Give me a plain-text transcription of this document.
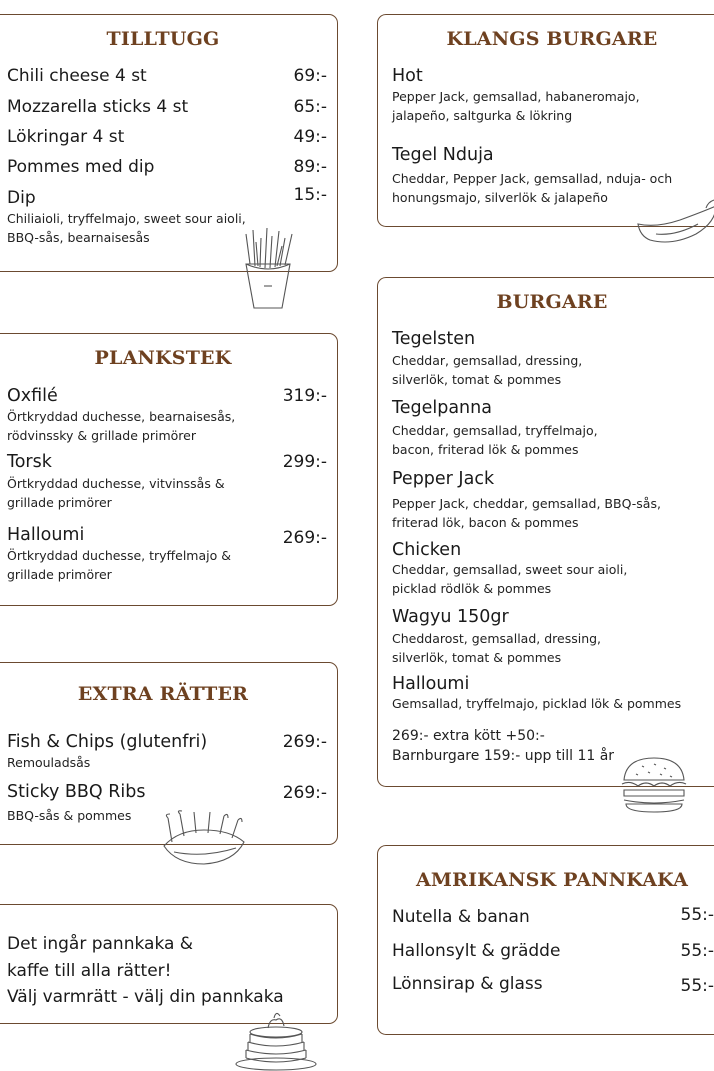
TILLTUGG
Chili cheese 4 st	69:-
Mozzarella sticks 4 st	65:-
Lökringar 4 st	49:-
Pommes med dip	89:-
Dip	15:-
Chiliaioli, tryffelmajo, sweet sour aioli, BBQ-sås, bearnaisesås
PLANKSTEK
Oxfilé	319:-
Örtkryddad duchesse, bearnaisesås, rödvinssky & grillade primörer
Torsk	299:-
Örtkryddad duchesse, vitvinssås & grillade primörer
Halloumi	269:-
Örtkryddad duchesse, tryffelmajo & grillade primörer
EXTRA RÄTTER
Fish & Chips (glutenfri)	269:-
Remouladsås
Sticky BBQ Ribs	269:-
BBQ-sås & pommes
Det ingår pannkaka &
kaffe till alla rätter!
Välj varmrätt - välj din pannkaka
KLANGS BURGARE
Hot
Pepper Jack, gemsallad, habaneromajo, jalapeño, saltgurka & lökring
Tegel Nduja
Cheddar, Pepper Jack, gemsallad, nduja- och honungsmajo, silverlök & jalapeño
BURGARE
Tegelsten
Cheddar, gemsallad, dressing, silverlök, tomat & pommes
Tegelpanna
Cheddar, gemsallad, tryffelmajo, bacon, friterad lök & pommes
Pepper Jack
Pepper Jack, cheddar, gemsallad, BBQ-sås, friterad lök, bacon & pommes
Chicken
Cheddar, gemsallad, sweet sour aioli, picklad rödlök & pommes
Wagyu 150gr
Cheddarost, gemsallad, dressing, silverlök, tomat & pommes
Halloumi
Gemsallad, tryffelmajo, picklad lök & pommes
269:- extra kött +50:-
Barnburgare 159:- upp till 11 år
AMRIKANSK PANNKAKA
Nutella & banan	55:-
Hallonsylt & grädde	55:-
Lönnsirap & glass	55:-
